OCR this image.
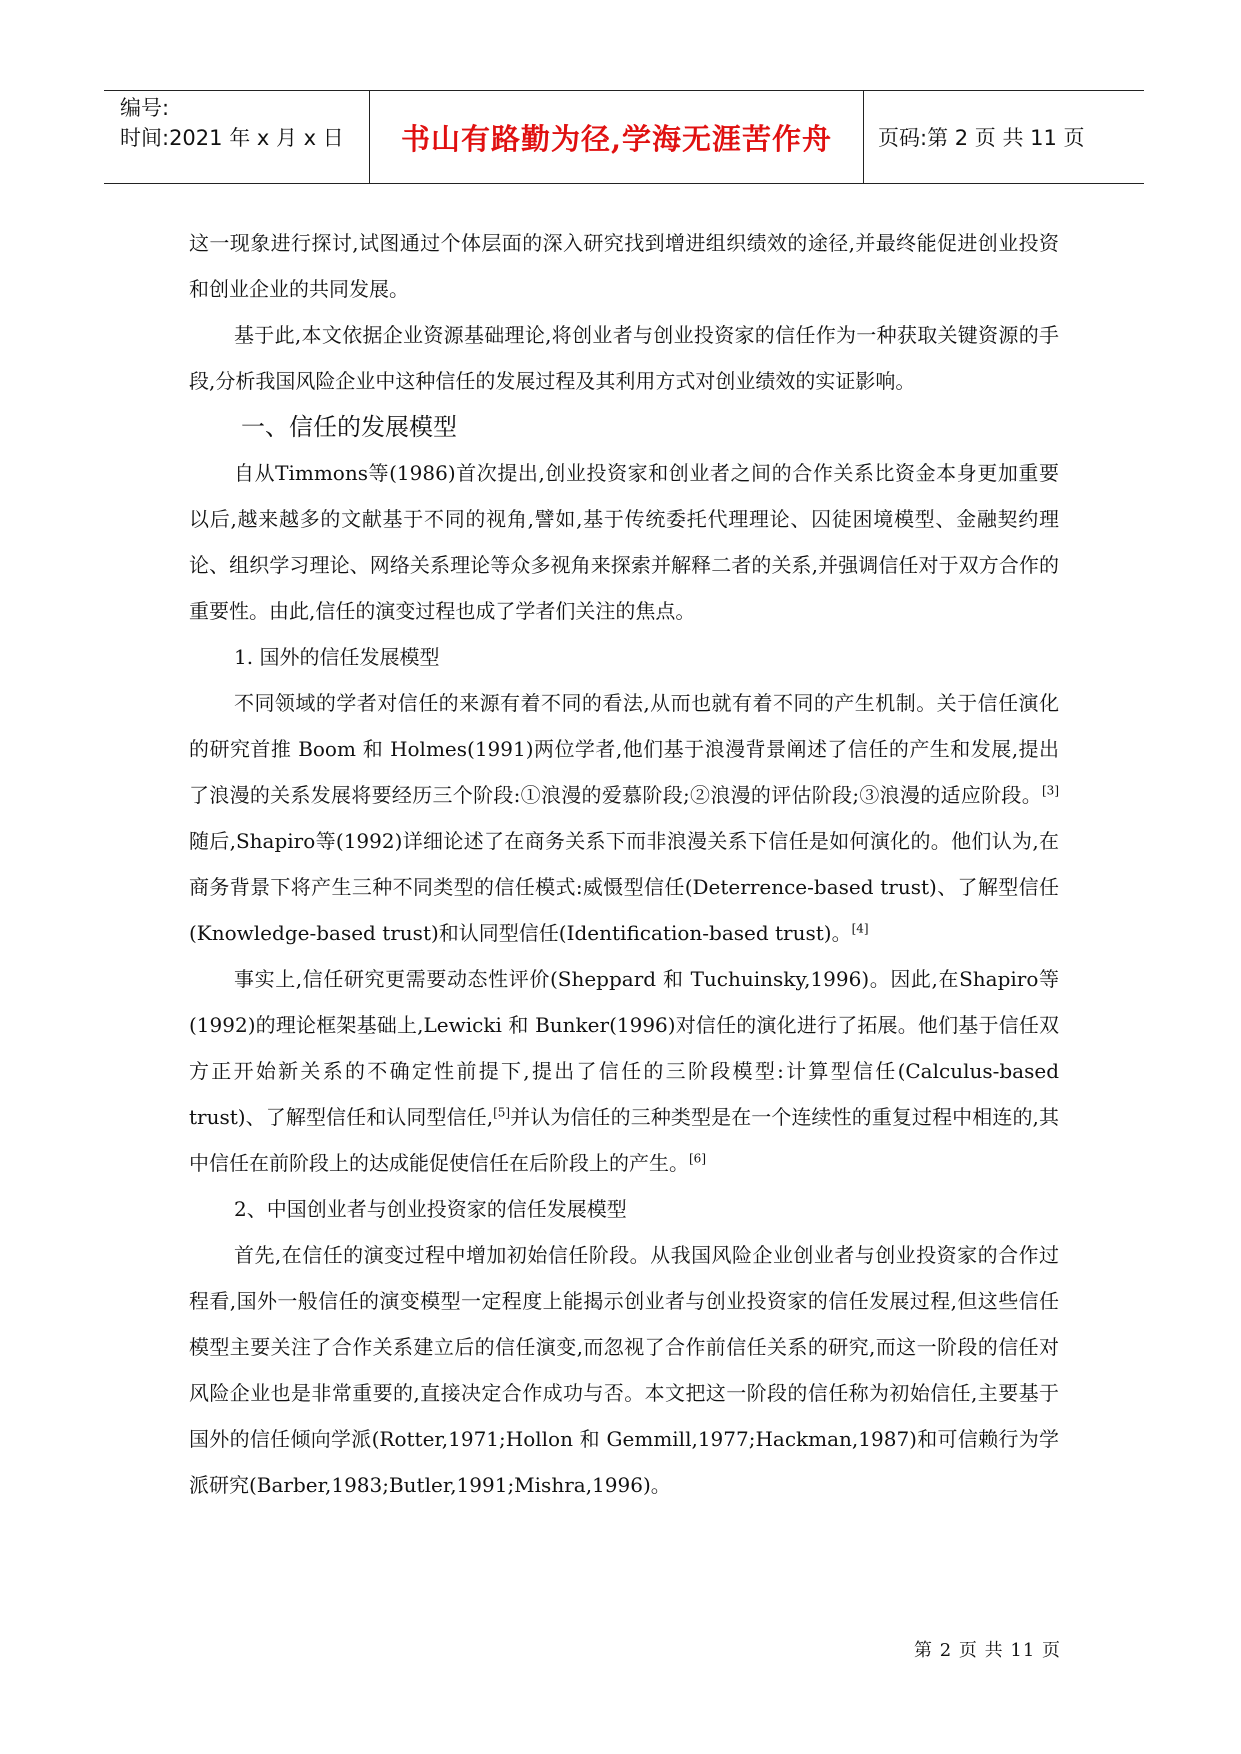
编号:
时间:2021 年 x 月 x 日	书山有路勤为径,学海无涯苦作舟	页码:第 2 页 共 11 页

这一现象进行探讨,试图通过个体层面的深入研究找到增进组织绩效的途径,并最终能促进创业投资和创业企业的共同发展。

基于此,本文依据企业资源基础理论,将创业者与创业投资家的信任作为一种获取关键资源的手段,分析我国风险企业中这种信任的发展过程及其利用方式对创业绩效的实证影响。

一、信任的发展模型

自从Timmons等(1986)首次提出,创业投资家和创业者之间的合作关系比资金本身更加重要以后,越来越多的文献基于不同的视角,譬如,基于传统委托代理理论、囚徒困境模型、金融契约理论、组织学习理论、网络关系理论等众多视角来探索并解释二者的关系,并强调信任对于双方合作的重要性。由此,信任的演变过程也成了学者们关注的焦点。

1. 国外的信任发展模型

不同领域的学者对信任的来源有着不同的看法,从而也就有着不同的产生机制。关于信任演化的研究首推 Boom 和 Holmes(1991)两位学者,他们基于浪漫背景阐述了信任的产生和发展,提出了浪漫的关系发展将要经历三个阶段:①浪漫的爱慕阶段;②浪漫的评估阶段;③浪漫的适应阶段。[3]随后,Shapiro等(1992)详细论述了在商务关系下而非浪漫关系下信任是如何演化的。他们认为,在商务背景下将产生三种不同类型的信任模式:威慑型信任(Deterrence-based trust)、了解型信任(Knowledge-based trust)和认同型信任(Identification-based trust)。[4]

事实上,信任研究更需要动态性评价(Sheppard 和 Tuchuinsky,1996)。因此,在Shapiro等(1992)的理论框架基础上,Lewicki 和 Bunker(1996)对信任的演化进行了拓展。他们基于信任双方正开始新关系的不确定性前提下,提出了信任的三阶段模型:计算型信任(Calculus-based trust)、了解型信任和认同型信任,[5]并认为信任的三种类型是在一个连续性的重复过程中相连的,其中信任在前阶段上的达成能促使信任在后阶段上的产生。[6]

2、中国创业者与创业投资家的信任发展模型

首先,在信任的演变过程中增加初始信任阶段。从我国风险企业创业者与创业投资家的合作过程看,国外一般信任的演变模型一定程度上能揭示创业者与创业投资家的信任发展过程,但这些信任模型主要关注了合作关系建立后的信任演变,而忽视了合作前信任关系的研究,而这一阶段的信任对风险企业也是非常重要的,直接决定合作成功与否。本文把这一阶段的信任称为初始信任,主要基于国外的信任倾向学派(Rotter,1971;Hollon 和 Gemmill,1977;Hackman,1987)和可信赖行为学派研究(Barber,1983;Butler,1991;Mishra,1996)。

第 2 页 共 11 页
